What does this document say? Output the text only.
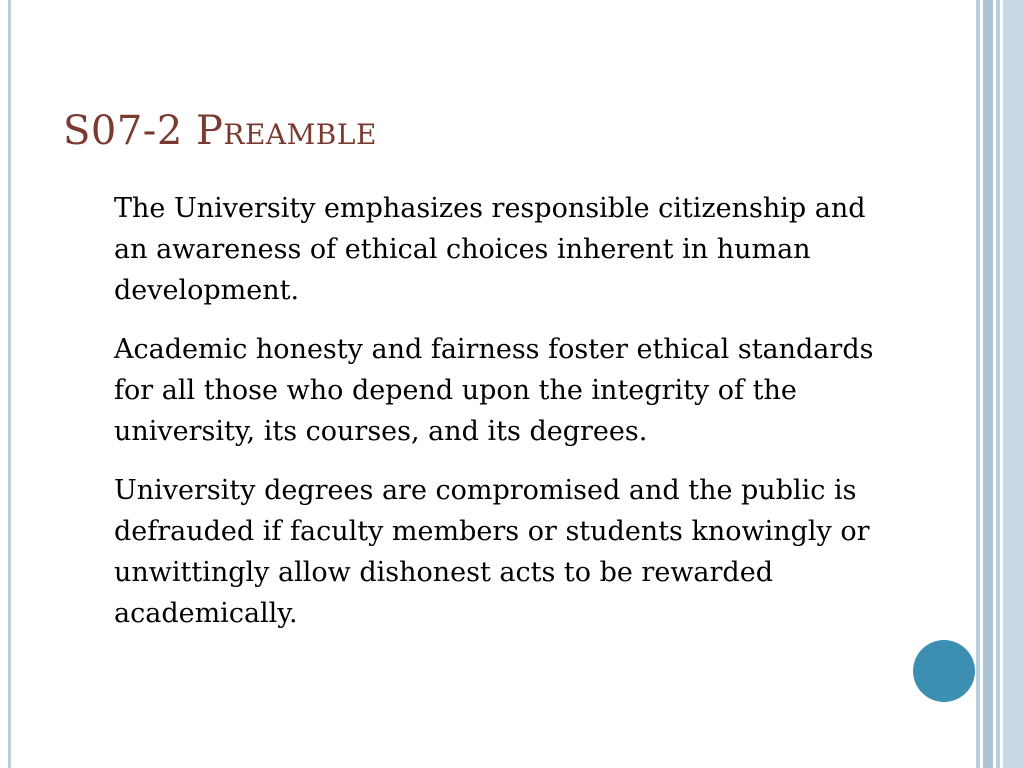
S07-2 Preamble

The University emphasizes responsible citizenship and an awareness of ethical choices inherent in human development.

Academic honesty and fairness foster ethical standards for all those who depend upon the integrity of the university, its courses, and its degrees.

University degrees are compromised and the public is defrauded if faculty members or students knowingly or unwittingly allow dishonest acts to be rewarded academically.
